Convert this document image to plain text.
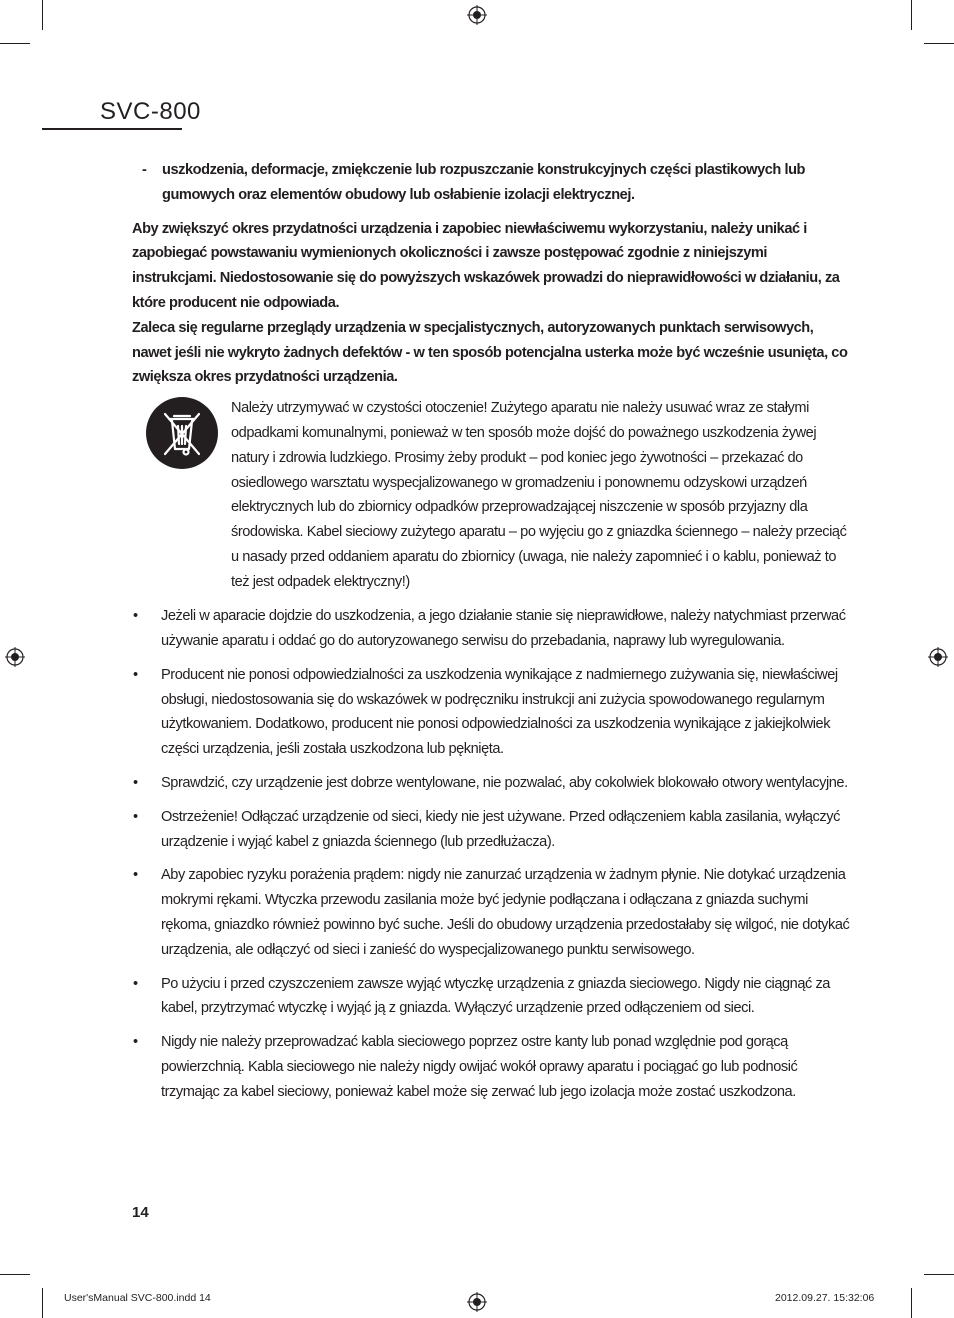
SVC-800
- uszkodzenia, deformacje, zmiękczenie lub rozpuszczanie konstrukcyjnych części plastikowych lub gumowych oraz elementów obudowy lub osłabienie izolacji elektrycznej.

Aby zwiększyć okres przydatności urządzenia i zapobiec niewłaściwemu wykorzystaniu, należy unikać i zapobiegać powstawaniu wymienionych okoliczności i zawsze postępować zgodnie z niniejszymi instrukcjami. Niedostosowanie się do powyższych wskazówek prowadzi do nieprawidłowości w działaniu, za które producent nie odpowiada.

Zaleca się regularne przeglądy urządzenia w specjalistycznych, autoryzowanych punktach serwisowych, nawet jeśli nie wykryto żadnych defektów - w ten sposób potencjalna usterka może być wcześnie usunięta, co zwiększa okres przydatności urządzenia.

Należy utrzymywać w czystości otoczenie! Zużytego aparatu nie należy usuwać wraz ze stałymi odpadkami komunalnymi, ponieważ w ten sposób może dojść do poważnego uszkodzenia żywej natury i zdrowia ludzkiego. Prosimy żeby produkt – pod koniec jego żywotności – przekazać do osiedlowego warsztatu wyspecjalizowanego w gromadzeniu i ponownemu odzyskowi urządzeń elektrycznych lub do zbiornicy odpadków przeprowadzającej niszczenie w sposób przyjazny dla środowiska. Kabel sieciowy zużytego aparatu – po wyjęciu go z gniazdka ściennego – należy przeciąć u nasady przed oddaniem aparatu do zbiornicy (uwaga, nie należy zapomnieć i o kablu, ponieważ to też jest odpadek elektryczny!)
• Jeżeli w aparacie dojdzie do uszkodzenia, a jego działanie stanie się nieprawidłowe, należy natychmiast przerwać używanie aparatu i oddać go do autoryzowanego serwisu do przebadania, naprawy lub wyregulowania.
• Producent nie ponosi odpowiedzialności za uszkodzenia wynikające z nadmiernego zużywania się, niewłaściwej obsługi, niedostosowania się do wskazówek w podręczniku instrukcji ani zużycia spowodowanego regularnym użytkowaniem. Dodatkowo, producent nie ponosi odpowiedzialności za uszkodzenia wynikające z jakiejkolwiek części urządzenia, jeśli została uszkodzona lub pęknięta.
• Sprawdzić, czy urządzenie jest dobrze wentylowane, nie pozwalać, aby cokolwiek blokowało otwory wentylacyjne.
• Ostrzeżenie! Odłączać urządzenie od sieci, kiedy nie jest używane. Przed odłączeniem kabla zasilania, wyłączyć urządzenie i wyjąć kabel z gniazda ściennego (lub przedłużacza).
• Aby zapobiec ryzyku porażenia prądem: nigdy nie zanurzać urządzenia w żadnym płynie. Nie dotykać urządzenia mokrymi rękami. Wtyczka przewodu zasilania może być jedynie podłączana i odłączana z gniazda suchymi rękoma, gniazdko również powinno być suche. Jeśli do obudowy urządzenia przedostałaby się wilgoć, nie dotykać urządzenia, ale odłączyć od sieci i zanieść do wyspecjalizowanego punktu serwisowego.
• Po użyciu i przed czyszczeniem zawsze wyjąć wtyczkę urządzenia z gniazda sieciowego. Nigdy nie ciągnąć za kabel, przytrzymać wtyczkę i wyjąć ją z gniazda. Wyłączyć urządzenie przed odłączeniem od sieci.
• Nigdy nie należy przeprowadzać kabla sieciowego poprzez ostre kanty lub ponad względnie pod gorącą powierzchnią. Kabla sieciowego nie należy nigdy owijać wokół oprawy aparatu i pociągać go lub podnosić trzymając za kabel sieciowy, ponieważ kabel może się zerwać lub jego izolacja może zostać uszkodzona.
14
User'sManual SVC-800.indd 14	2012.09.27. 15:32:06
